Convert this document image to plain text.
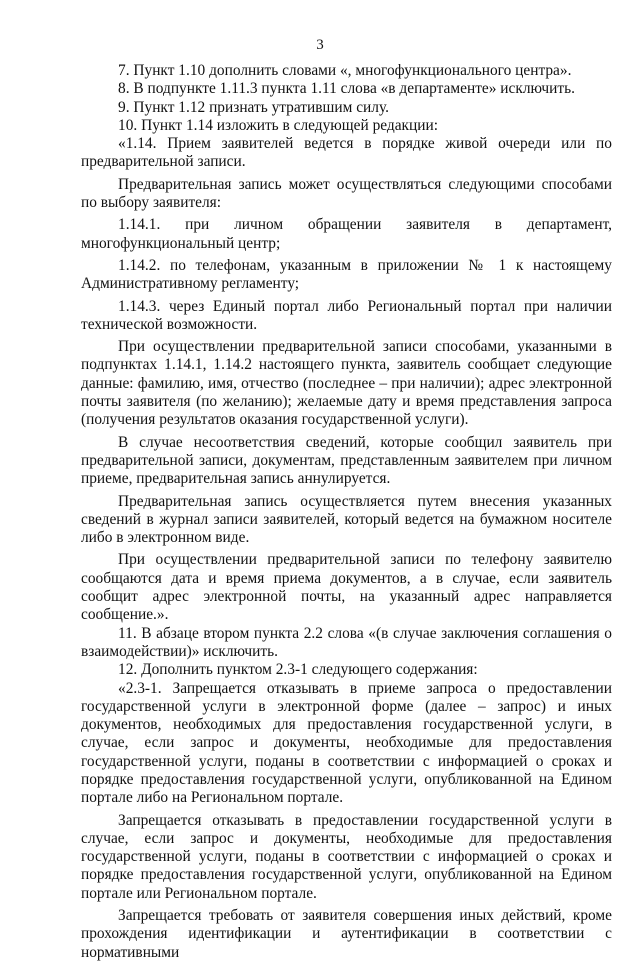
3

7. Пункт 1.10 дополнить словами «, многофункционального центра».

8. В подпункте 1.11.3 пункта 1.11 слова «в департаменте» исключить.

9. Пункт 1.12 признать утратившим силу.

10. Пункт 1.14 изложить в следующей редакции:

«1.14. Прием заявителей ведется в порядке живой очереди или по предварительной записи.

Предварительная запись может осуществляться следующими способами по выбору заявителя:

1.14.1. при личном обращении заявителя в департамент, многофункциональный центр;

1.14.2. по телефонам, указанным в приложении № 1 к настоящему Административному регламенту;

1.14.3. через Единый портал либо Региональный портал при наличии технической возможности.

При осуществлении предварительной записи способами, указанными в подпунктах 1.14.1, 1.14.2 настоящего пункта, заявитель сообщает следующие данные: фамилию, имя, отчество (последнее – при наличии); адрес электронной почты заявителя (по желанию); желаемые дату и время представления запроса (получения результатов оказания государственной услуги).

В случае несоответствия сведений, которые сообщил заявитель при предварительной записи, документам, представленным заявителем при личном приеме, предварительная запись аннулируется.

Предварительная запись осуществляется путем внесения указанных сведений в журнал записи заявителей, который ведется на бумажном носителе либо в электронном виде.

При осуществлении предварительной записи по телефону заявителю сообщаются дата и время приема документов, а в случае, если заявитель сообщит адрес электронной почты, на указанный адрес направляется сообщение.».

11. В абзаце втором пункта 2.2 слова «(в случае заключения соглашения о взаимодействии)» исключить.

12. Дополнить пунктом 2.3-1 следующего содержания:

«2.3-1. Запрещается отказывать в приеме запроса о предоставлении государственной услуги в электронной форме (далее – запрос) и иных документов, необходимых для предоставления государственной услуги, в случае, если запрос и документы, необходимые для предоставления государственной услуги, поданы в соответствии с информацией о сроках и порядке предоставления государственной услуги, опубликованной на Едином портале либо на Региональном портале.

Запрещается отказывать в предоставлении государственной услуги в случае, если запрос и документы, необходимые для предоставления государственной услуги, поданы в соответствии с информацией о сроках и порядке предоставления государственной услуги, опубликованной на Едином портале или Региональном портале.

Запрещается требовать от заявителя совершения иных действий, кроме прохождения идентификации и аутентификации в соответствии с нормативными
